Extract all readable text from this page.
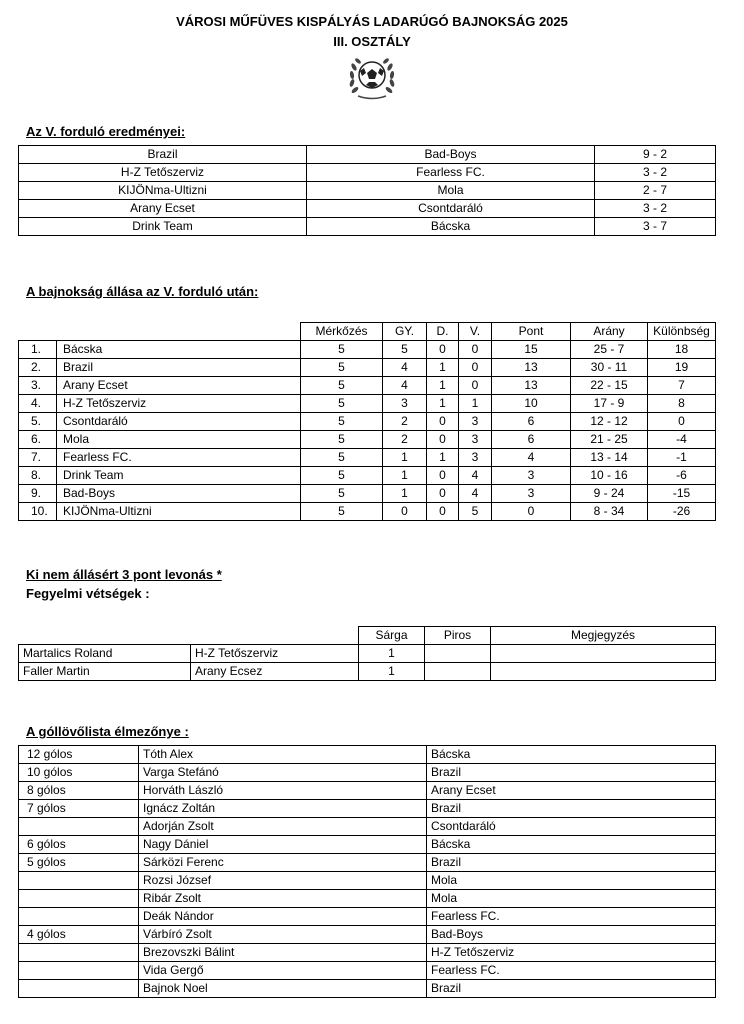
VÁROSI MŰFÜVES KISPÁLYÁS LADARÚGÓ BAJNOKSÁG 2025
III. OSZTÁLY
Az V. forduló eredményei:
Brazil	Bad-Boys	9 - 2
H-Z Tetőszerviz	Fearless FC.	3 - 2
KIJÖNma-Ultizni	Mola	2 - 7
Arany Ecset	Csontdaráló	3 - 2
Drink Team	Bácska	3 - 7
A bajnokság állása az V. forduló után:
		Mérkőzés	GY.	D.	V.	Pont	Arány	Különbség
1.	Bácska	5	5	0	0	15	25 - 7	18
2.	Brazil	5	4	1	0	13	30 - 11	19
3.	Arany Ecset	5	4	1	0	13	22 - 15	7
4.	H-Z Tetőszerviz	5	3	1	1	10	17 - 9	8
5.	Csontdaráló	5	2	0	3	6	12 - 12	0
6.	Mola	5	2	0	3	6	21 - 25	-4
7.	Fearless FC.	5	1	1	3	4	13 - 14	-1
8.	Drink Team	5	1	0	4	3	10 - 16	-6
9.	Bad-Boys	5	1	0	4	3	9 - 24	-15
10.	KIJÖNma-Ultizni	5	0	0	5	0	8 - 34	-26
Ki nem állásért 3 pont levonás *
Fegyelmi vétségek :
		Sárga	Piros	Megjegyzés
Martalics Roland	H-Z Tetőszerviz	1		
Faller Martin	Arany Ecsez	1		
A góllövőlista élmezőnye :
12 gólos	Tóth Alex	Bácska
10 gólos	Varga Stefánó	Brazil
8 gólos	Horváth László	Arany Ecset
7 gólos	Ignácz Zoltán	Brazil
	Adorján Zsolt	Csontdaráló
6 gólos	Nagy Dániel	Bácska
5 gólos	Sárközi Ferenc	Brazil
	Rozsi József	Mola
	Ribár Zsolt	Mola
	Deák Nándor	Fearless FC.
4 gólos	Várbíró Zsolt	Bad-Boys
	Brezovszki Bálint	H-Z Tetőszerviz
	Vida Gergő	Fearless FC.
	Bajnok Noel	Brazil
